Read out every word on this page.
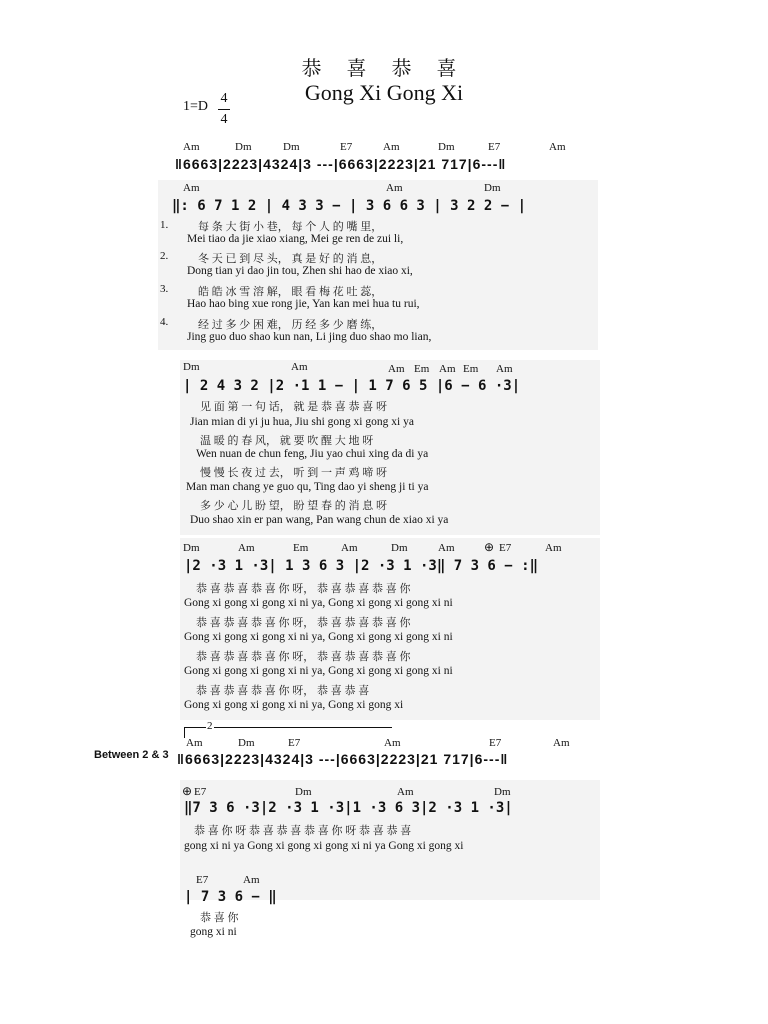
恭 喜 恭 喜
Gong Xi Gong Xi
1=D
4
4
Am	Dm	Dm	E7	Am	Dm	E7	Am
‖6663|2223|4324|3 ---|6663|2223|21 717|6---‖
Am	Am	Dm
‖: 6 7 1 2 | 4 3 3 − | 3 6 6 3 | 3 2 2 − |
1.	每 条 大 街 小 巷， 每 个 人 的 嘴 里，
Mei tiao da jie xiao xiang, Mei ge ren de zui li,
2.	冬 天 已 到 尽 头， 真 是 好 的 消 息，
Dong tian yi dao jin tou, Zhen shi hao de xiao xi,
3.	皓 皓 冰 雪 溶 解， 眼 看 梅 花 吐 蕊，
Hao hao bing xue rong jie, Yan kan mei hua tu rui,
4.	经 过 多 少 困 难， 历 经 多 少 磨 练，
Jing guo duo shao kun nan, Li jing duo shao mo lian,
Dm	Am	Am Em Am Em Am
| 2 4 3 2 |2 ·1 1 − | 1 7 6 5 |6 − 6 ·3|
见 面 第 一 句 话， 就 是 恭 喜 恭 喜 呀
Jian mian di yi ju hua, Jiu shi gong xi gong xi ya
温 暖 的 春 风， 就 要 吹 醒 大 地 呀
Wen nuan de chun feng, Jiu yao chui xing da di ya
慢 慢 长 夜 过 去， 听 到 一 声 鸡 啼 呀
Man man chang ye guo qu, Ting dao yi sheng ji ti ya
多 少 心 儿 盼 望， 盼 望 春 的 消 息 呀
Duo shao xin er pan wang, Pan wang chun de xiao xi ya
Dm	Am	Em	Am	Dm	Am ⊕ E7	Am
|2 ·3 1 ·3| 1 3 6 3 |2 ·3 1 ·3‖ 7 3 6 − :‖
恭 喜 恭 喜 恭 喜 你 呀， 恭 喜 恭 喜 恭 喜 你
Gong xi gong xi gong xi ni ya, Gong xi gong xi gong xi ni
恭 喜 恭 喜 恭 喜 你 呀， 恭 喜 恭 喜 恭 喜 你
Gong xi gong xi gong xi ni ya, Gong xi gong xi gong xi ni
恭 喜 恭 喜 恭 喜 你 呀， 恭 喜 恭 喜 恭 喜 你
Gong xi gong xi gong xi ni ya, Gong xi gong xi gong xi ni
恭 喜 恭 喜 恭 喜 你 呀， 恭 喜 恭 喜
Gong xi gong xi gong xi ni ya, Gong xi gong xi
2
Am	Dm	E7	Am	E7	Am
Between 2 & 3 ‖6663|2223|4324|3 ---|6663|2223|21 717|6---‖
⊕ E7	Dm	Am	Dm
‖7 3 6 ·3|2 ·3 1 ·3|1 ·3 6 3|2 ·3 1 ·3|
恭 喜 你 呀 恭 喜 恭 喜 恭 喜 你 呀 恭 喜 恭 喜
gong xi ni ya Gong xi gong xi gong xi ni ya Gong xi gong xi
E7	Am
| 7 3 6 − ‖
恭 喜 你
gong xi ni
